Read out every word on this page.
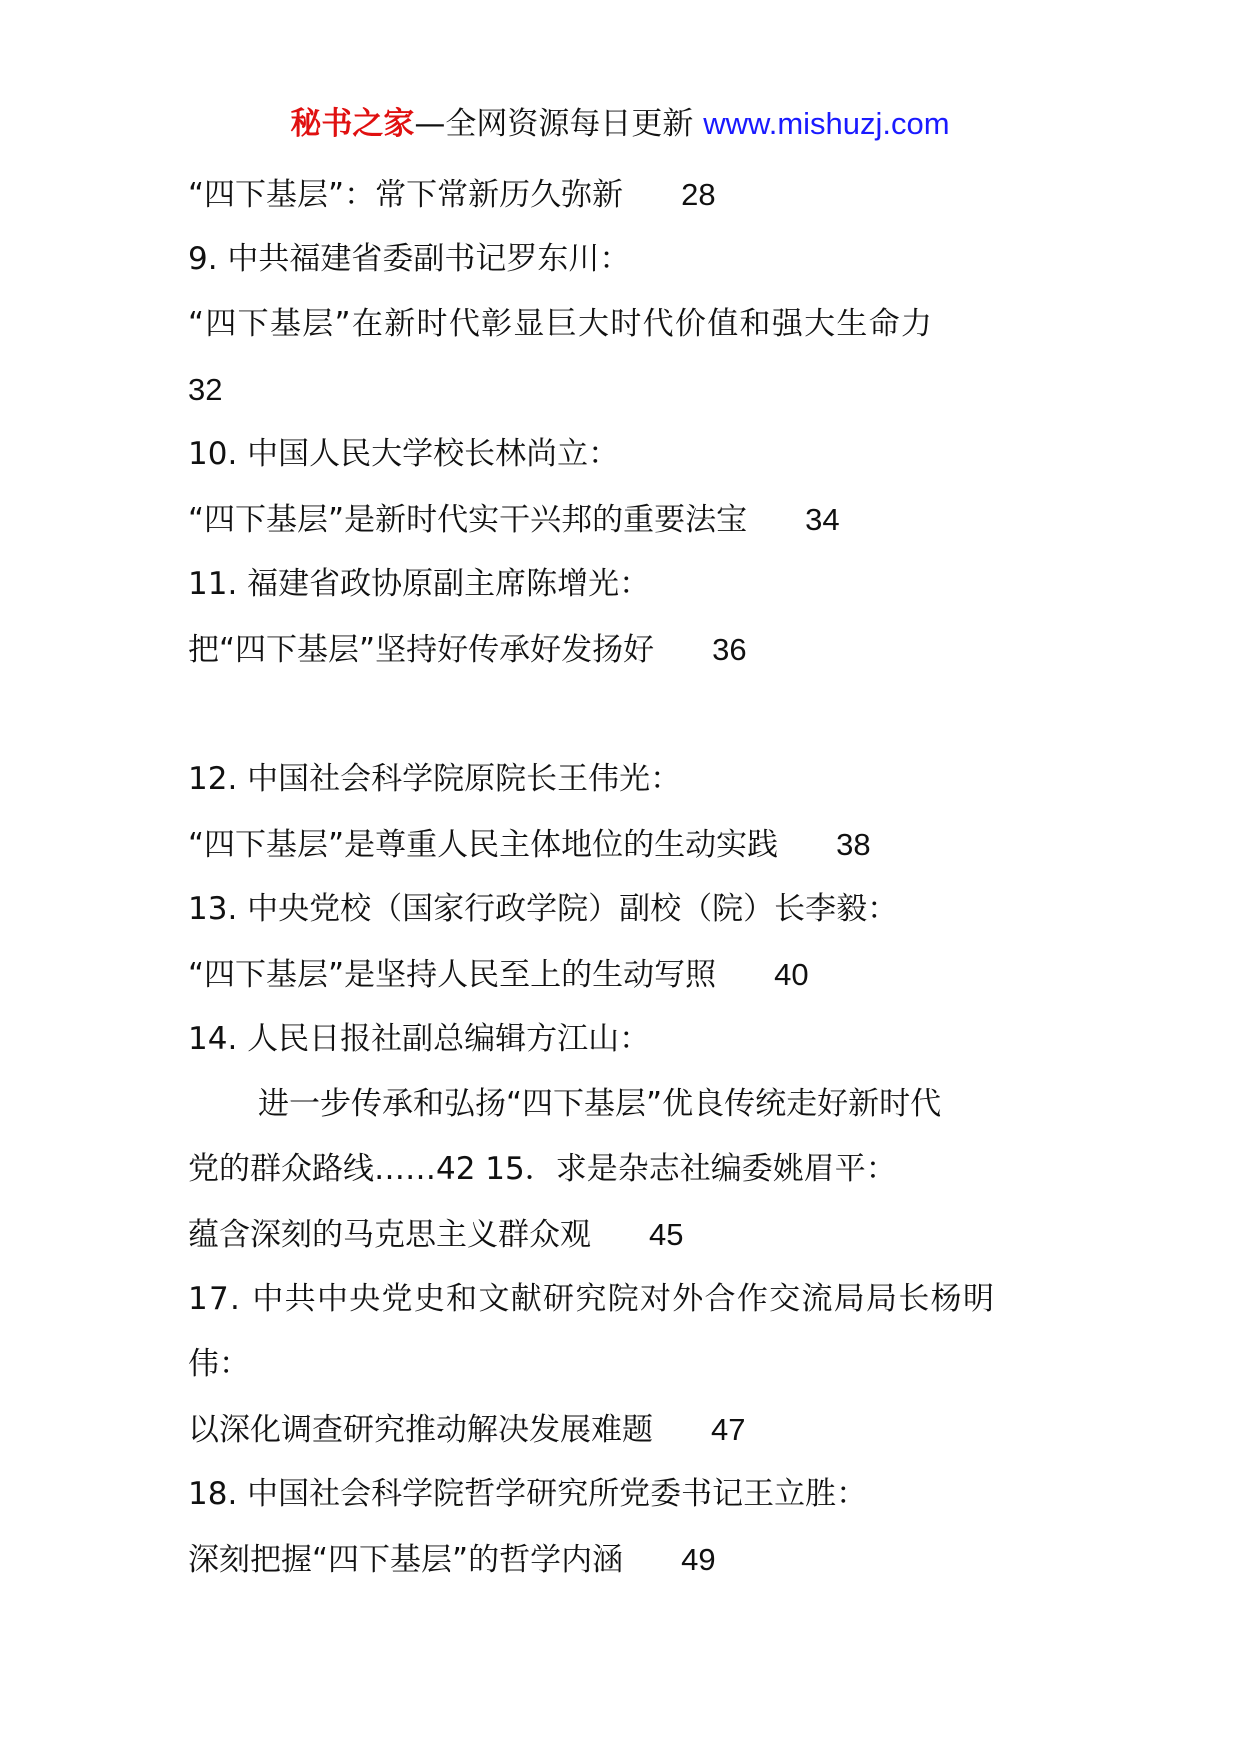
秘书之家—全网资源每日更新 www.mishuzj.com
“四下基层”：常下常新历久弥新 28
9. 中共福建省委副书记罗东川：
“四下基层”在新时代彰显巨大时代价值和强大生命力
32
10. 中国人民大学校长林尚立：
“四下基层”是新时代实干兴邦的重要法宝 34
11. 福建省政协原副主席陈增光：
把“四下基层”坚持好传承好发扬好 36
12. 中国社会科学院原院长王伟光：
“四下基层”是尊重人民主体地位的生动实践 38
13. 中央党校（国家行政学院）副校（院）长李毅：
“四下基层”是坚持人民至上的生动写照 40
14. 人民日报社副总编辑方江山：
进一步传承和弘扬“四下基层”优良传统走好新时代
党的群众路线……42 15．求是杂志社编委姚眉平：
蕴含深刻的马克思主义群众观 45
17. 中共中央党史和文献研究院对外合作交流局局长杨明
伟：
以深化调查研究推动解决发展难题 47
18. 中国社会科学院哲学研究所党委书记王立胜：
深刻把握“四下基层”的哲学内涵 49
